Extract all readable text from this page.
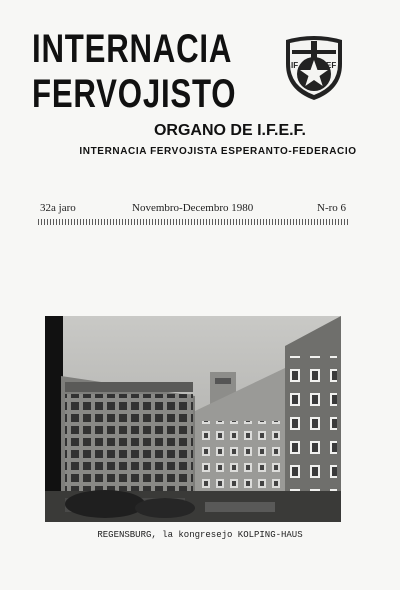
INTERNACIA
FERVOJISTO
IF	EF
ORGANO DE I.F.E.F.
INTERNACIA FERVOJISTA ESPERANTO-FEDERACIO
32a jaro	Novembro-Decembro 1980	N-ro 6
REGENSBURG, la kongresejo KOLPING-HAUS
